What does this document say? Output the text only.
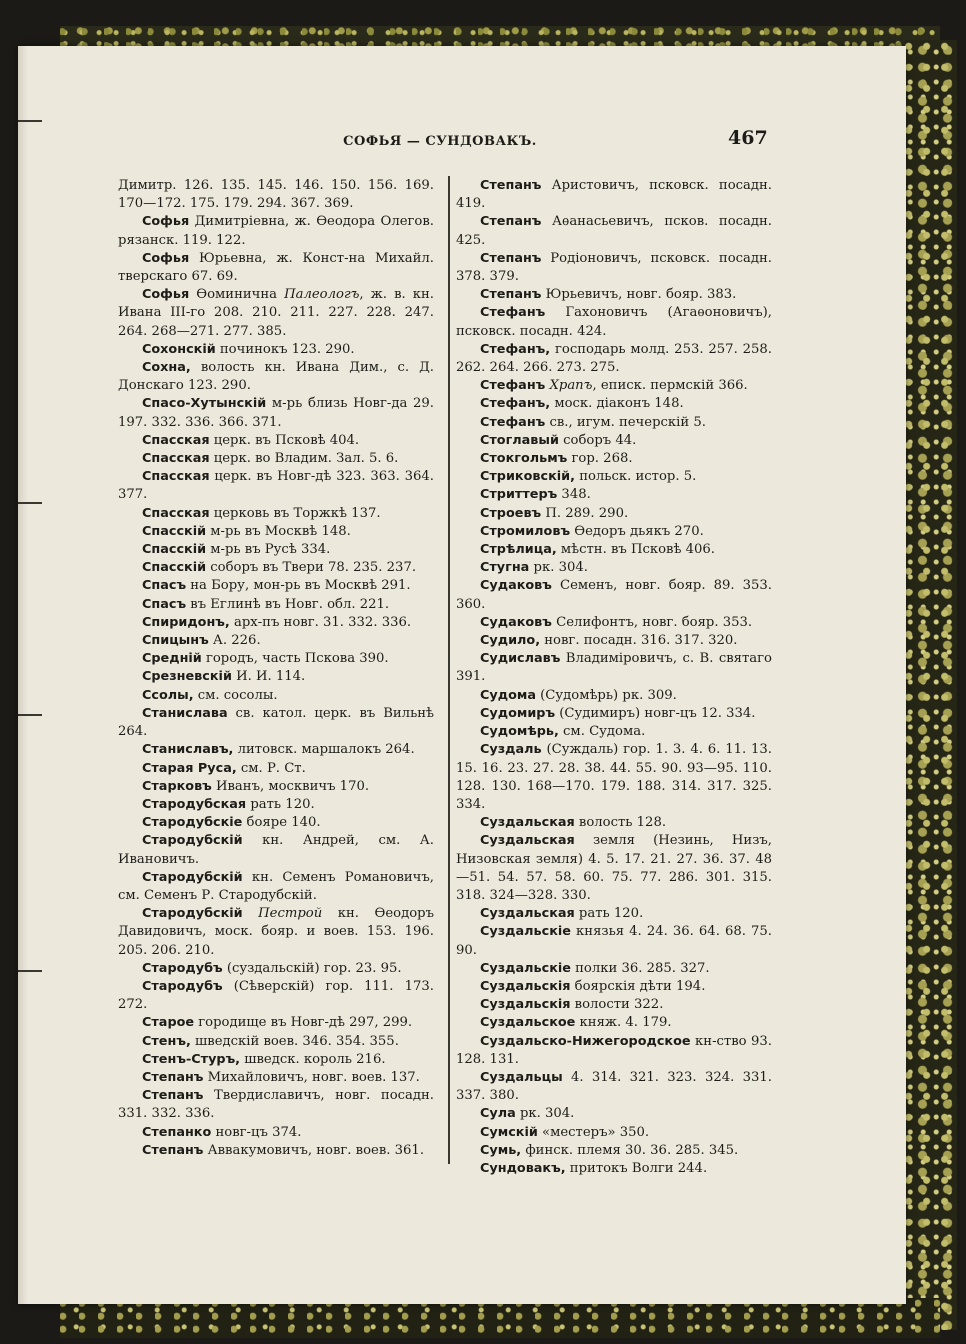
СОФЬЯ — СУНДОВАКЪ.	467

Димитр. 126. 135. 145. 146. 150. 156. 169. 170—172. 175. 179. 294. 367. 369.

Софья Димитріевна, ж. Ѳеодора Олегов. рязанск. 119. 122.

Софья Юрьевна, ж. Конст-на Михайл. тверскаго 67. 69.

Софья Ѳоминична Палеологъ, ж. в. кн. Ивана III-го 208. 210. 211. 227. 228. 247. 264. 268—271. 277. 385.

Сохонскій починокъ 123. 290.

Сохна, волость кн. Ивана Дим., с. Д. Донскаго 123. 290.

Спасо-Хутынскій м-рь близь Новг-да 29. 197. 332. 336. 366. 371.

Спасская церк. въ Псковѣ 404.

Спасская церк. во Владим. Зал. 5. 6.

Спасская церк. въ Новг-дѣ 323. 363. 364. 377.

Спасская церковь въ Торжкѣ 137.

Спасскій м-рь въ Москвѣ 148.

Спасскій м-рь въ Русѣ 334.

Спасскій соборъ въ Твери 78. 235. 237.

Спасъ на Бору, мон-рь въ Москвѣ 291.

Спасъ въ Еглинѣ въ Новг. обл. 221.

Спиридонъ, арх-пъ новг. 31. 332. 336.

Спицынъ А. 226.

Средній городъ, часть Пскова 390.

Срезневскій И. И. 114.

Ссолы, см. сосолы.

Станислава св. катол. церк. въ Вильнѣ 264.

Станиславъ, литовск. маршалокъ 264.

Старая Руса, см. Р. Ст.

Старковъ Иванъ, москвичъ 170.

Стародубская рать 120.

Стародубскіе бояре 140.

Стародубскій кн. Андрей, см. А. Ивановичъ.

Стародубскій кн. Семенъ Романовичъ, см. Семенъ Р. Стародубскій.

Стародубскій Пестрой кн. Ѳеодоръ Давидовичъ, моск. бояр. и воев. 153. 196. 205. 206. 210.

Стародубъ (суздальскій) гор. 23. 95.

Стародубъ (Сѣверскій) гор. 111. 173. 272.

Старое городище въ Новг-дѣ 297, 299.

Стенъ, шведскій воев. 346. 354. 355.

Стенъ-Стуръ, шведск. король 216.

Степанъ Михайловичъ, новг. воев. 137.

Степанъ Твердиславичъ, новг. посадн. 331. 332. 336.

Степанко новг-цъ 374.

Степанъ Аввакумовичъ, новг. воев. 361.

Степанъ Аристовичъ, псковск. посадн. 419.

Степанъ Аѳанасьевичъ, псков. посадн. 425.

Степанъ Родіоновичъ, псковск. посадн. 378. 379.

Степанъ Юрьевичъ, новг. бояр. 383.

Стефанъ Гахоновичъ (Агаѳоновичъ), псковск. посадн. 424.

Стефанъ, господарь молд. 253. 257. 258. 262. 264. 266. 273. 275.

Стефанъ Храпъ, еписк. пермскій 366.

Стефанъ, моск. діаконъ 148.

Стефанъ св., игум. печерскій 5.

Стоглавый соборъ 44.

Стокгольмъ гор. 268.

Стриковскій, польск. истор. 5.

Стриттеръ 348.

Строевъ П. 289. 290.

Стромиловъ Ѳедоръ дьякъ 270.

Стрѣлица, мѣстн. въ Псковѣ 406.

Стугна рк. 304.

Судаковъ Семенъ, новг. бояр. 89. 353. 360.

Судаковъ Селифонтъ, новг. бояр. 353.

Судило, новг. посадн. 316. 317. 320.

Судиславъ Владиміровичъ, с. В. святаго 391.

Судома (Судомѣрь) рк. 309.

Судомиръ (Судимиръ) новг-цъ 12. 334.

Судомѣрь, см. Судома.

Суздаль (Суждаль) гор. 1. 3. 4. 6. 11. 13. 15. 16. 23. 27. 28. 38. 44. 55. 90. 93—95. 110. 128. 130. 168—170. 179. 188. 314. 317. 325. 334.

Суздальская волость 128.

Суздальская земля (Незинь, Низъ, Низовская земля) 4. 5. 17. 21. 27. 36. 37. 48—51. 54. 57. 58. 60. 75. 77. 286. 301. 315. 318. 324—328. 330.

Суздальская рать 120.

Суздальскіе князья 4. 24. 36. 64. 68. 75. 90.

Суздальскіе полки 36. 285. 327.

Суздальскія боярскія дѣти 194.

Суздальскія волости 322.

Суздальское княж. 4. 179.

Суздальско-Нижегородское кн-ство 93. 128. 131.

Суздальцы 4. 314. 321. 323. 324. 331. 337. 380.

Сула рк. 304.

Сумскій «местеръ» 350.

Сумь, финск. племя 30. 36. 285. 345.

Сундовакъ, притокъ Волги 244.
